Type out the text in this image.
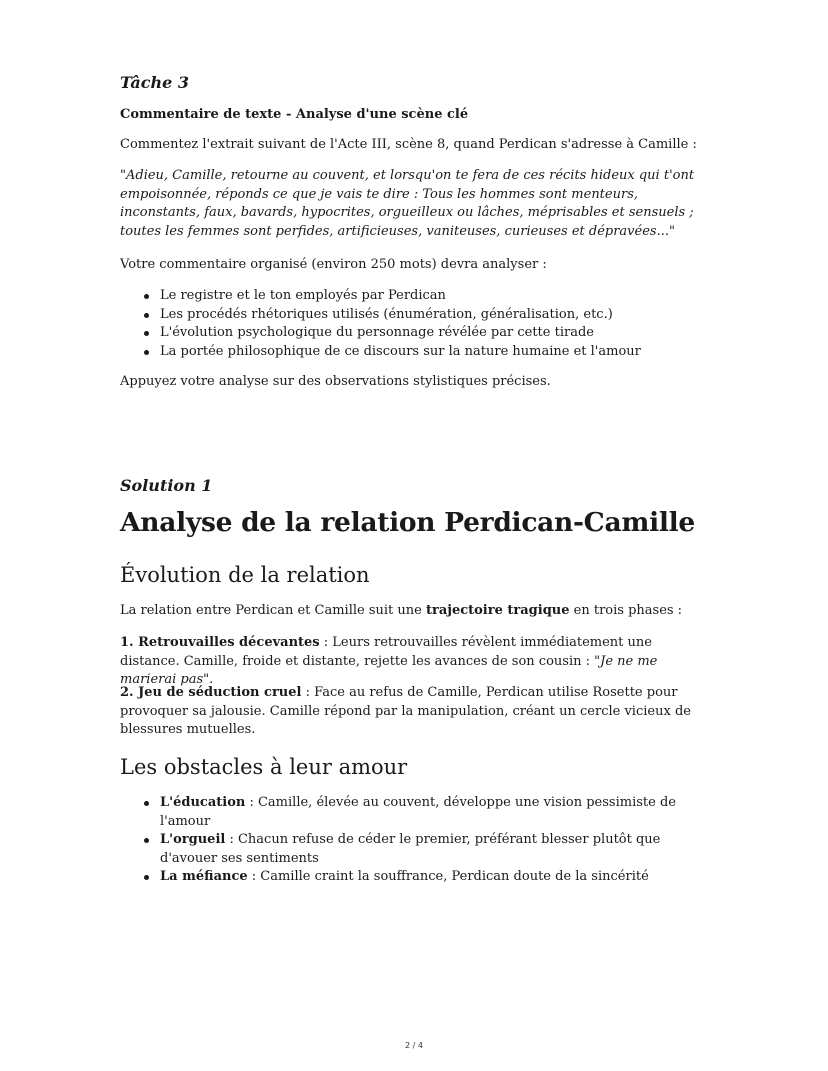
Tâche 3

Commentaire de texte - Analyse d'une scène clé

Commentez l'extrait suivant de l'Acte III, scène 8, quand Perdican s'adresse à Camille :

"Adieu, Camille, retourne au couvent, et lorsqu'on te fera de ces récits hideux qui t'ont empoisonnée, réponds ce que je vais te dire : Tous les hommes sont menteurs, inconstants, faux, bavards, hypocrites, orgueilleux ou lâches, méprisables et sensuels ; toutes les femmes sont perfides, artificieuses, vaniteuses, curieuses et dépravées..."

Votre commentaire organisé (environ 250 mots) devra analyser :

Le registre et le ton employés par Perdican
Les procédés rhétoriques utilisés (énumération, généralisation, etc.)
L'évolution psychologique du personnage révélée par cette tirade
La portée philosophique de ce discours sur la nature humaine et l'amour

Appuyez votre analyse sur des observations stylistiques précises.

Solution 1

Analyse de la relation Perdican-Camille
Évolution de la relation

La relation entre Perdican et Camille suit une trajectoire tragique en trois phases :

1. Retrouvailles décevantes : Leurs retrouvailles révèlent immédiatement une distance. Camille, froide et distante, rejette les avances de son cousin : "Je ne me marierai pas".

2. Jeu de séduction cruel : Face au refus de Camille, Perdican utilise Rosette pour provoquer sa jalousie. Camille répond par la manipulation, créant un cercle vicieux de blessures mutuelles.

Les obstacles à leur amour
L'éducation : Camille, élevée au couvent, développe une vision pessimiste de l'amour
L'orgueil : Chacun refuse de céder le premier, préférant blesser plutôt que d'avouer ses sentiments
La méfiance : Camille craint la souffrance, Perdican doute de la sincérité
2 / 4
